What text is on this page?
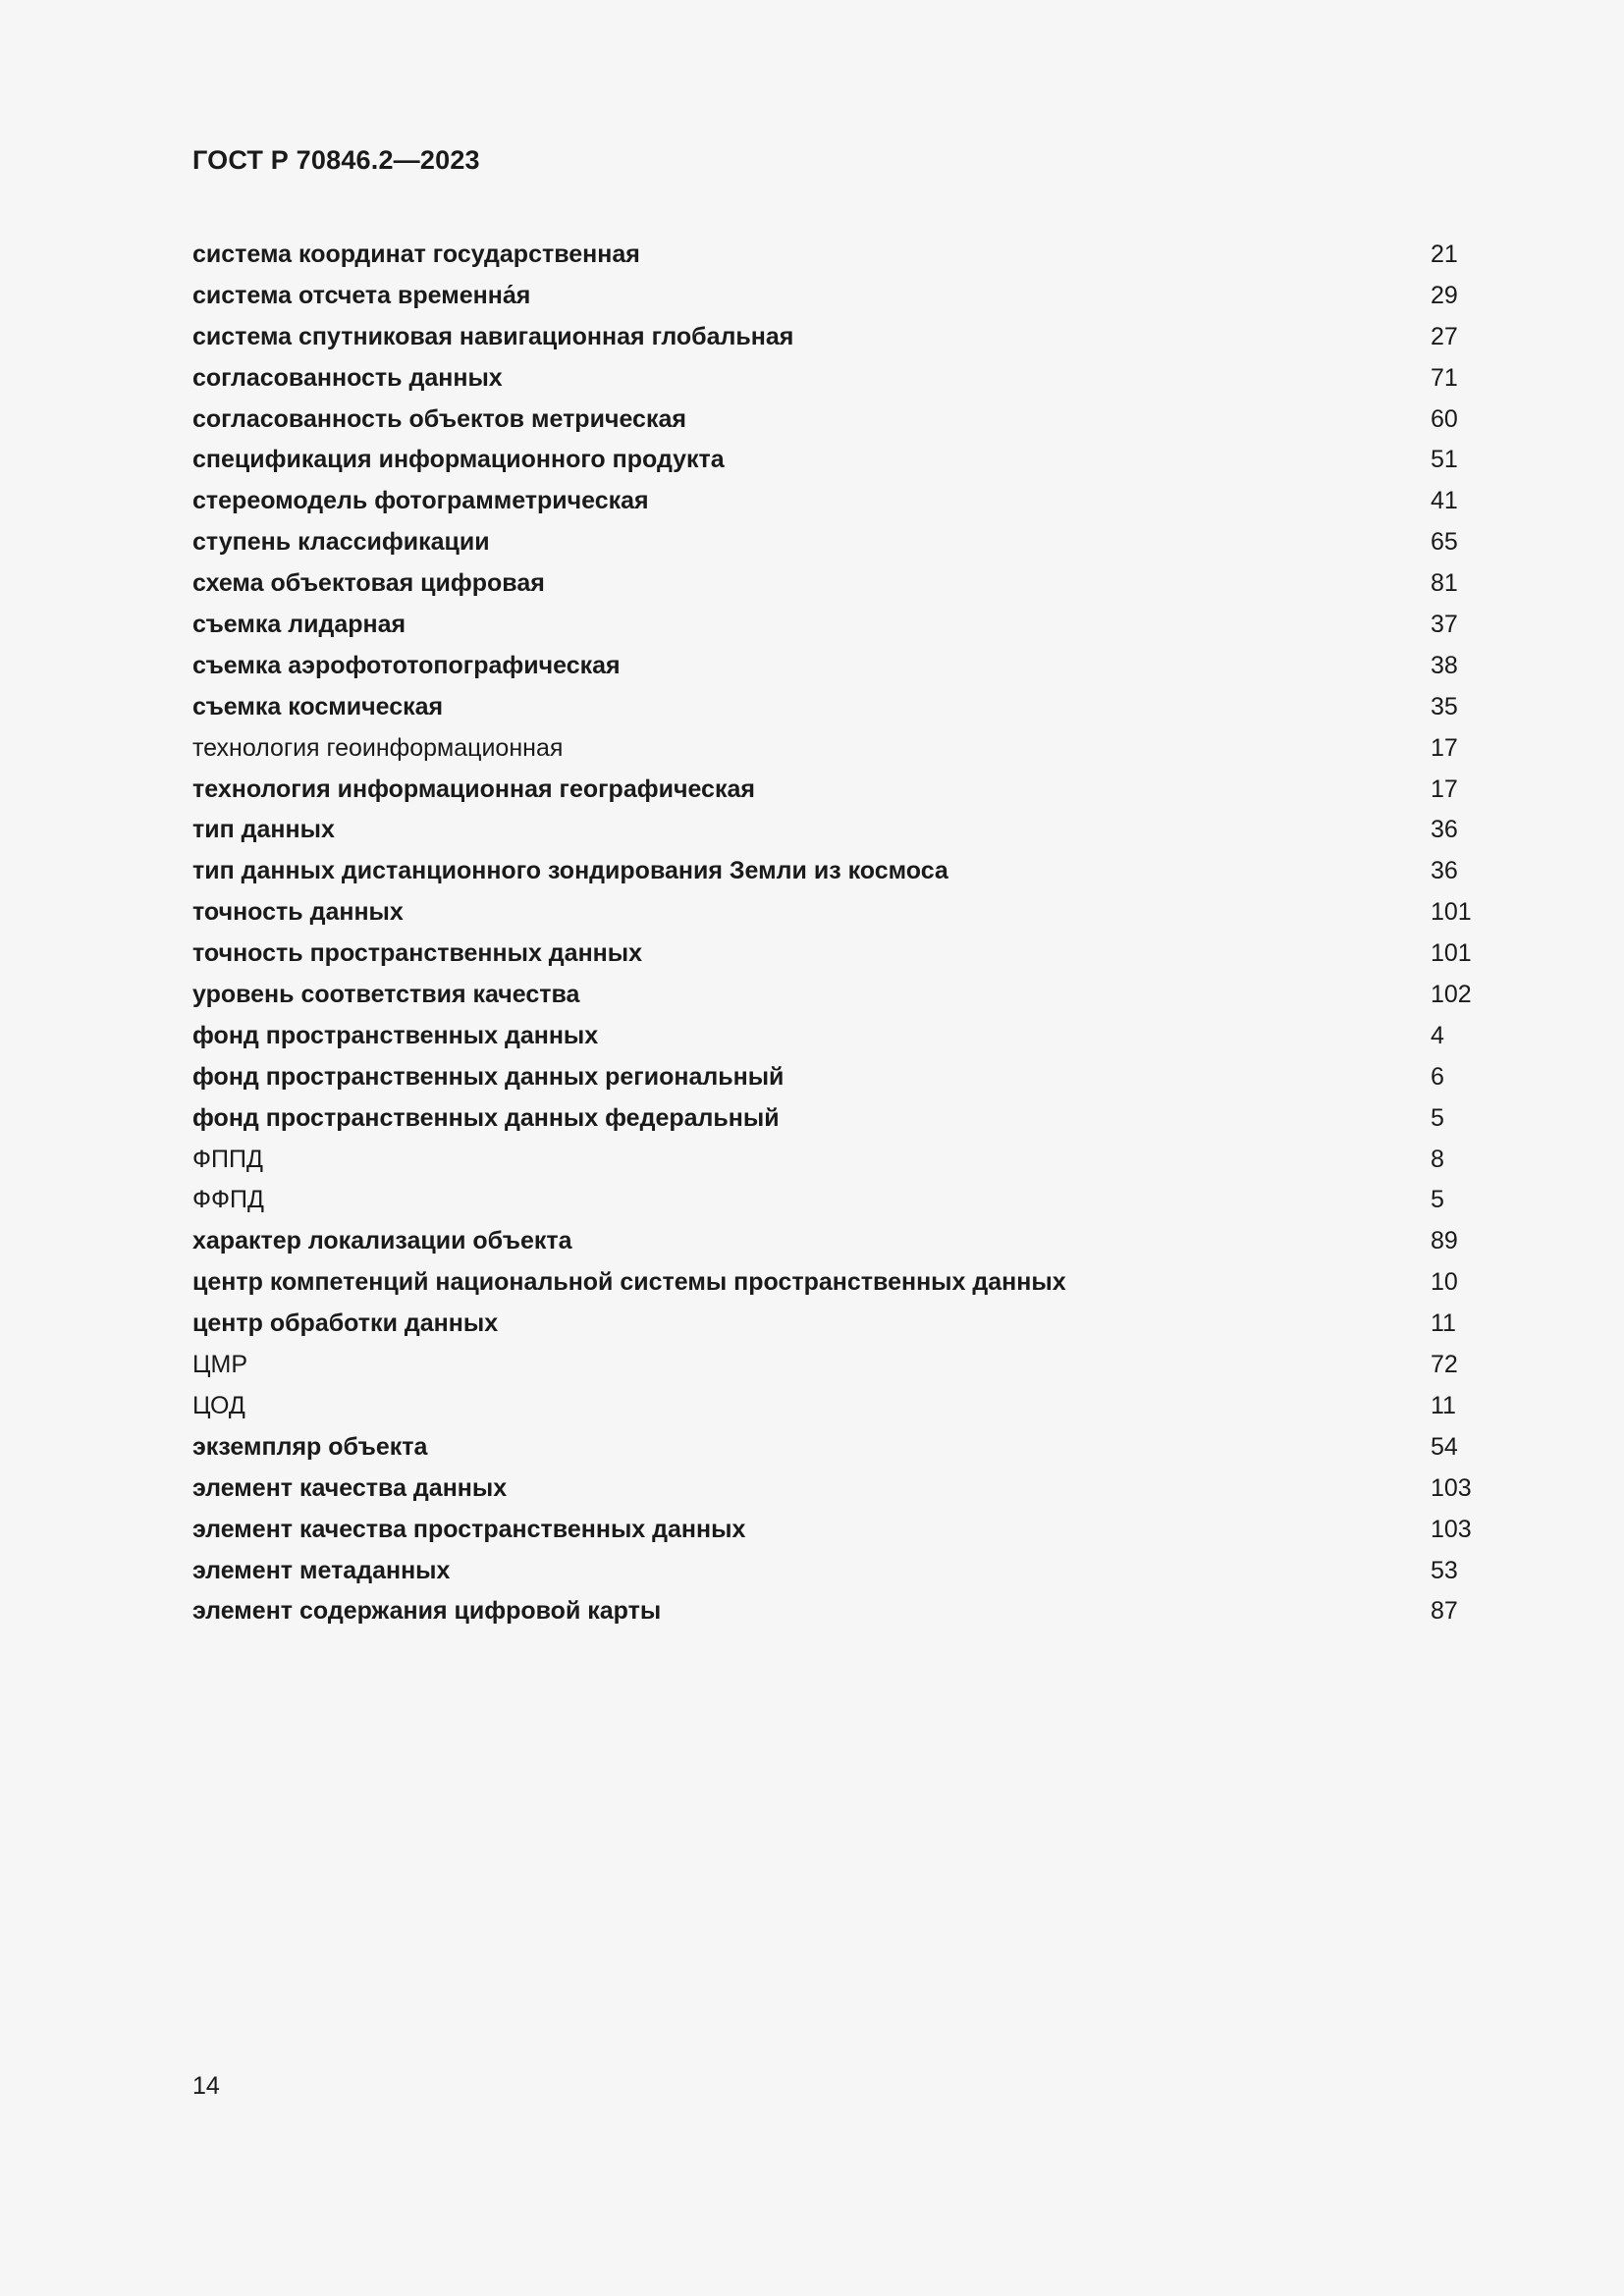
ГОСТ Р 70846.2—2023
система координат государственная	21
система отсчета временна́я	29
система спутниковая навигационная глобальная	27
согласованность данных	71
согласованность объектов метрическая	60
спецификация информационного продукта	51
стереомодель фотограмметрическая	41
ступень классификации	65
схема объектовая цифровая	81
съемка лидарная	37
съемка аэрофототопографическая	38
съемка космическая	35
технология геоинформационная	17
технология информационная географическая	17
тип данных	36
тип данных дистанционного зондирования Земли из космоса	36
точность данных	101
точность пространственных данных	101
уровень соответствия качества	102
фонд пространственных данных	4
фонд пространственных данных региональный	6
фонд пространственных данных федеральный	5
ФППД	8
ФФПД	5
характер локализации объекта	89
центр компетенций национальной системы пространственных данных	10
центр обработки данных	11
ЦМР	72
ЦОД	11
экземпляр объекта	54
элемент качества данных	103
элемент качества пространственных данных	103
элемент метаданных	53
элемент содержания цифровой карты	87
14
